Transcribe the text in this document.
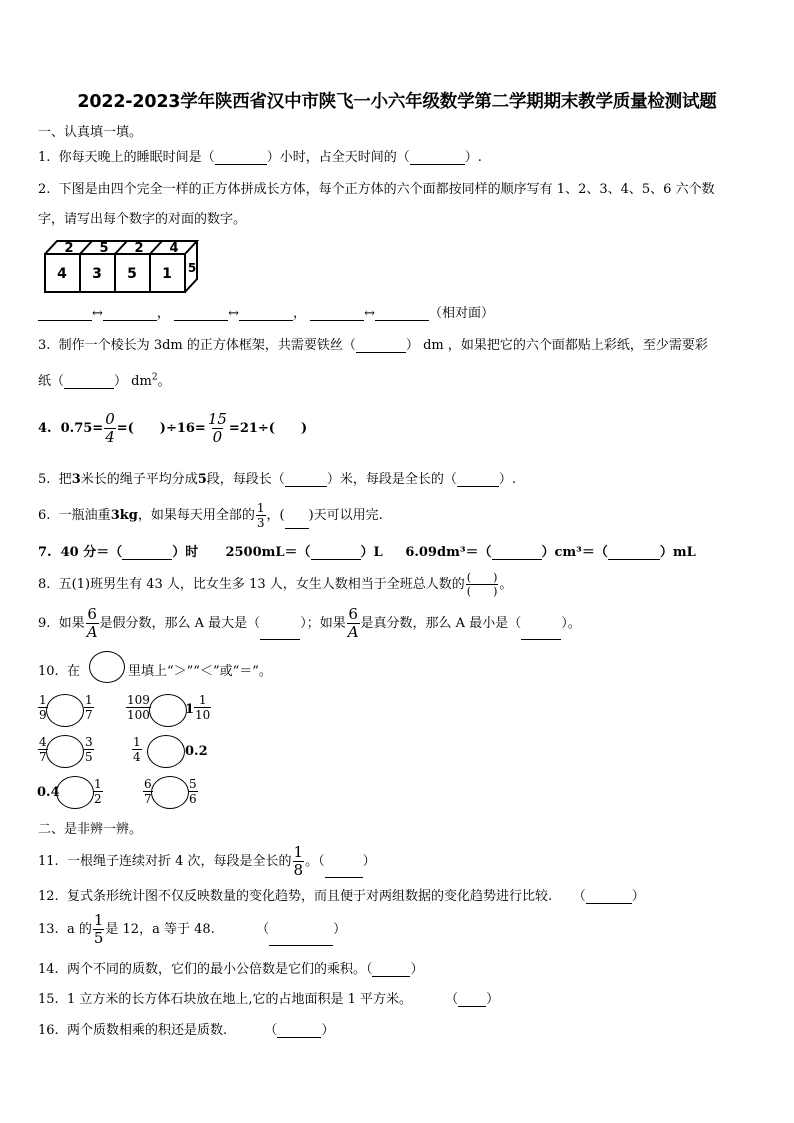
2022-2023学年陕西省汉中市陕飞一小六年级数学第二学期期末教学质量检测试题
一、认真填一填。
1. 你每天晚上的睡眠时间是（	）小时，占全天时间的（	）.
2. 下图是由四个完全一样的正方体拼成长方体，每个正方体的六个面都按同样的顺序写有 1、2、3、4、5、6 六个数
字，请写出每个数字的对面的数字。
2 5 2 4
4 3 5 1 5
↔	，	↔	，	↔	（相对面）
3. 制作一个棱长为 3dm 的正方体框架，共需要铁丝（	） dm ，如果把它的六个面都贴上彩纸，至少需要彩
纸（	） $dm^2$。
4. $0.75= \frac{0}{4}$ =(　　)$\div 16= \frac{15}{0} =21\div$(　　)
5. 把3米长的绳子平均分成5段，每段长（	）米，每段是全长的（	）.
6. 一瓶油重3kg，如果每天用全部的 $\frac{1}{3}$ ，( )天可以用完.
7. 40 分＝（	）时 2500mL＝（	）L 6.09dm³＝（	）cm³＝（	）mL
8. 五(1)班男生有 43 人，比女生多 13 人，女生人数相当于全班总人数的 $\frac{( )}{( )}$ 。
9. 如果 $\frac{6}{A}$ 是假分数，那么 A 最大是（	）；如果 $\frac{6}{A}$ 是真分数，那么 A 最小是（	）。
10. 在	里填上“＞”“＜”或“＝”。
$\frac{1}{9}$	$\frac{1}{7}$	$\frac{109}{100}$	$1 \frac{1}{10}$
$\frac{4}{7}$	$\frac{3}{5}$	$\frac{1}{4}$	0.2
0.4	$\frac{1}{2}$	$\frac{6}{7}$	$\frac{5}{6}$
二、是非辨一辨。
11. 一根绳子连续对折 4 次，每段是全长的 $\frac{1}{8}$ 。（	）
12. 复式条形统计图不仅反映数量的变化趋势，而且便于对两组数据的变化趋势进行比较. （	）
13. a 的 $\frac{1}{5}$ 是 12，a 等于 48.	（	）
14. 两个不同的质数，它们的最小公倍数是它们的乘积。（	）
15. 1 立方米的长方体石块放在地上,它的占地面积是 1 平方米。	（ ）
16. 两个质数相乘的积还是质数.	（	）
